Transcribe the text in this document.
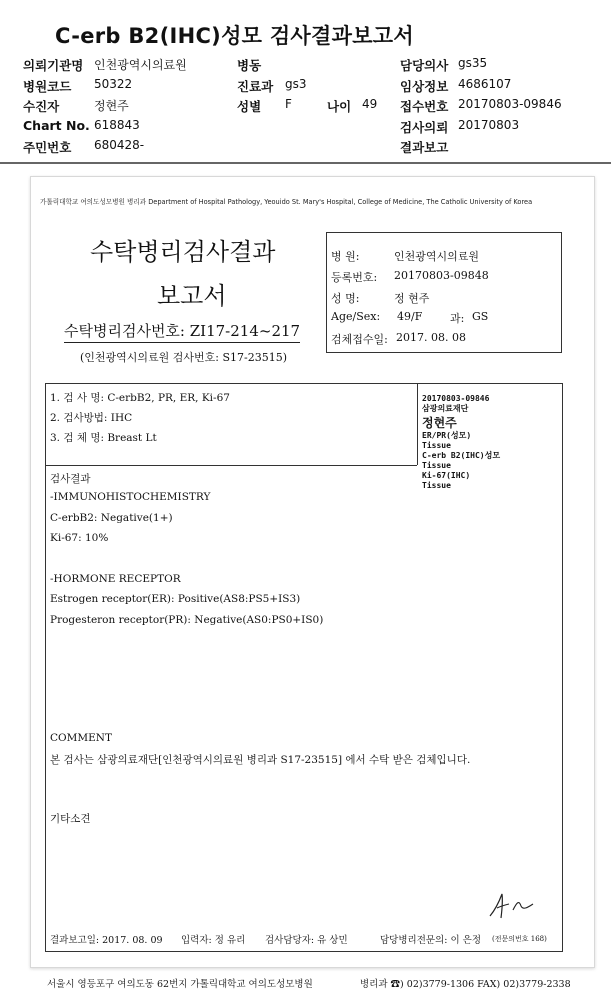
C-erb B2(IHC)성모 검사결과보고서
의뢰기관명 인천광역시의료원	병동	담당의사 gs35
병원코드 50322	진료과 gs3	임상정보 4686107
수진자	정현주	성별 F	나이 49 접수번호 20170803-09846
Chart No. 618843	검사의뢰 20170803
주민번호 680428-	결과보고
가톨릭대학교 여의도성모병원 병리과 Department of Hospital Pathology, Yeouido St. Mary's Hospital, College of Medicine, The Catholic University of Korea
수탁병리검사결과
보고서
수탁병리검사번호: ZI17-214~217
(인천광역시의료원 검사번호: S17-23515)
병 원:	인천광역시의료원
등록번호: 20170803-09848
성 명:	정 현주
Age/Sex: 49/F	과: GS
검체접수일: 2017. 08. 08
1. 검 사 명: C-erbB2, PR, ER, Ki-67
2. 검사방법: IHC
3. 검 체 명: Breast Lt
20170803-09846
삼광의료재단
정현주
ER/PR(성모)
Tissue
C-erb B2(IHC)성모
Tissue
Ki-67(IHC)
Tissue
검사결과
-IMMUNOHISTOCHEMISTRY
C-erbB2: Negative(1+)
Ki-67: 10%
-HORMONE RECEPTOR
Estrogen receptor(ER): Positive(AS8:PS5+IS3)
Progesteron receptor(PR): Negative(AS0:PS0+IS0)
COMMENT
본 검사는 삼광의료재단[인천광역시의료원 병리과 S17-23515] 에서 수탁 받은 검체입니다.
기타소견
결과보고일: 2017. 08. 09 입력자: 정 유리 검사담당자: 유 상민	담당병리전문의: 이 은정 (전문의번호 168)
서울시 영등포구 여의도동 62번지 가톨릭대학교 여의도성모병원	병리과 ☎) 02)3779-1306 FAX) 02)3779-2338
